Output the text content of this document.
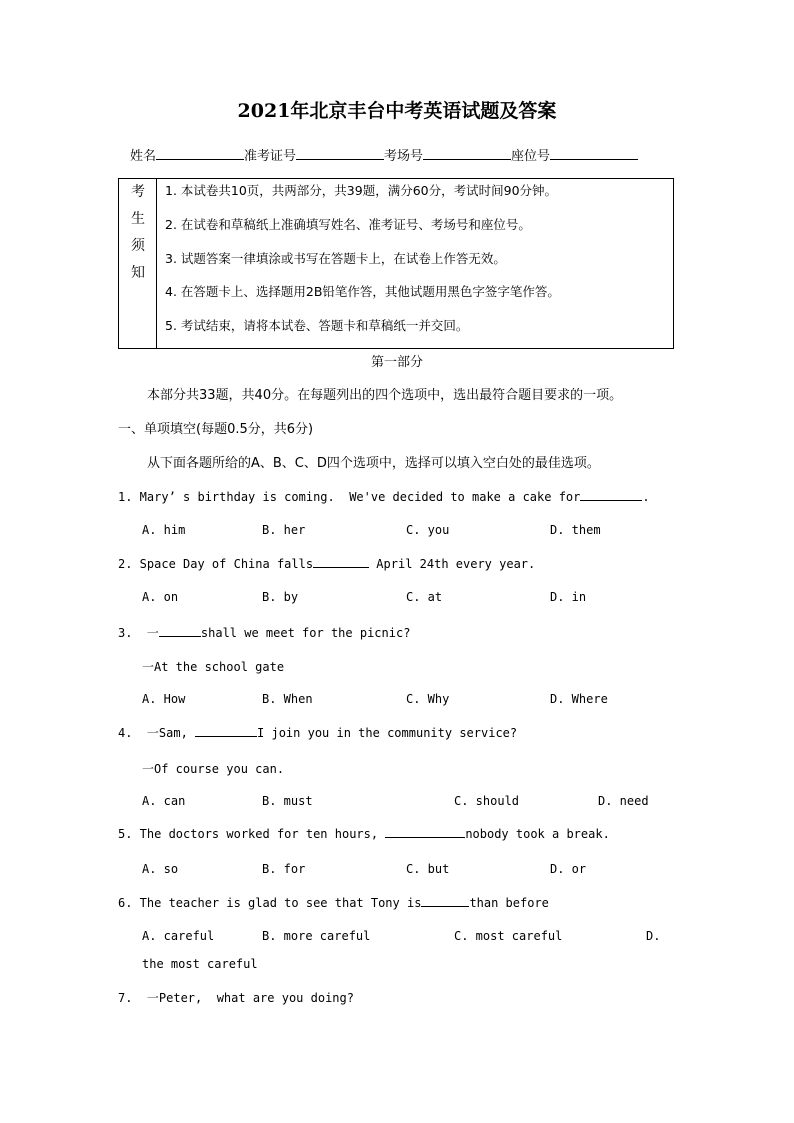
2021年北京丰台中考英语试题及答案
姓名	准考证号	考场号	座位号
考
生
须
知
1. 本试卷共10页，共两部分，共39题，满分60分，考试时间90分钟。
2. 在试卷和草稿纸上准确填写姓名、准考证号、考场号和座位号。
3. 试题答案一律填涂或书写在答题卡上，在试卷上作答无效。
4. 在答题卡上、选择题用2B铅笔作答，其他试题用黑色字签字笔作答。
5. 考试结束，请将本试卷、答题卡和草稿纸一并交回。
第一部分
本部分共33题，共40分。在每题列出的四个选项中，选出最符合题目要求的一项。
一、单项填空(每题0.5分，共6分)
从下面各题所给的A、B、C、D四个选项中，选择可以填入空白处的最佳选项。
1. Mary’ s birthday is coming.  We've decided to make a cake for	.
A. him	B. her	C. you	D. them
2. Space Day of China falls	April 24th every year.
A. on	B. by	C. at	D. in
3.  一	shall we meet for the picnic?
一At the school gate
A. How	B. When	C. Why	D. Where
4.  一Sam,	I join you in the community service?
一Of course you can.
A. can	B. must	C. should	D. need
5. The doctors worked for ten hours,	nobody took a break.
A. so	B. for	C. but	D. or
6. The teacher is glad to see that Tony is	than before
A. careful	B. more careful	C. most careful	D.
the most careful
7.  一Peter,  what are you doing?
